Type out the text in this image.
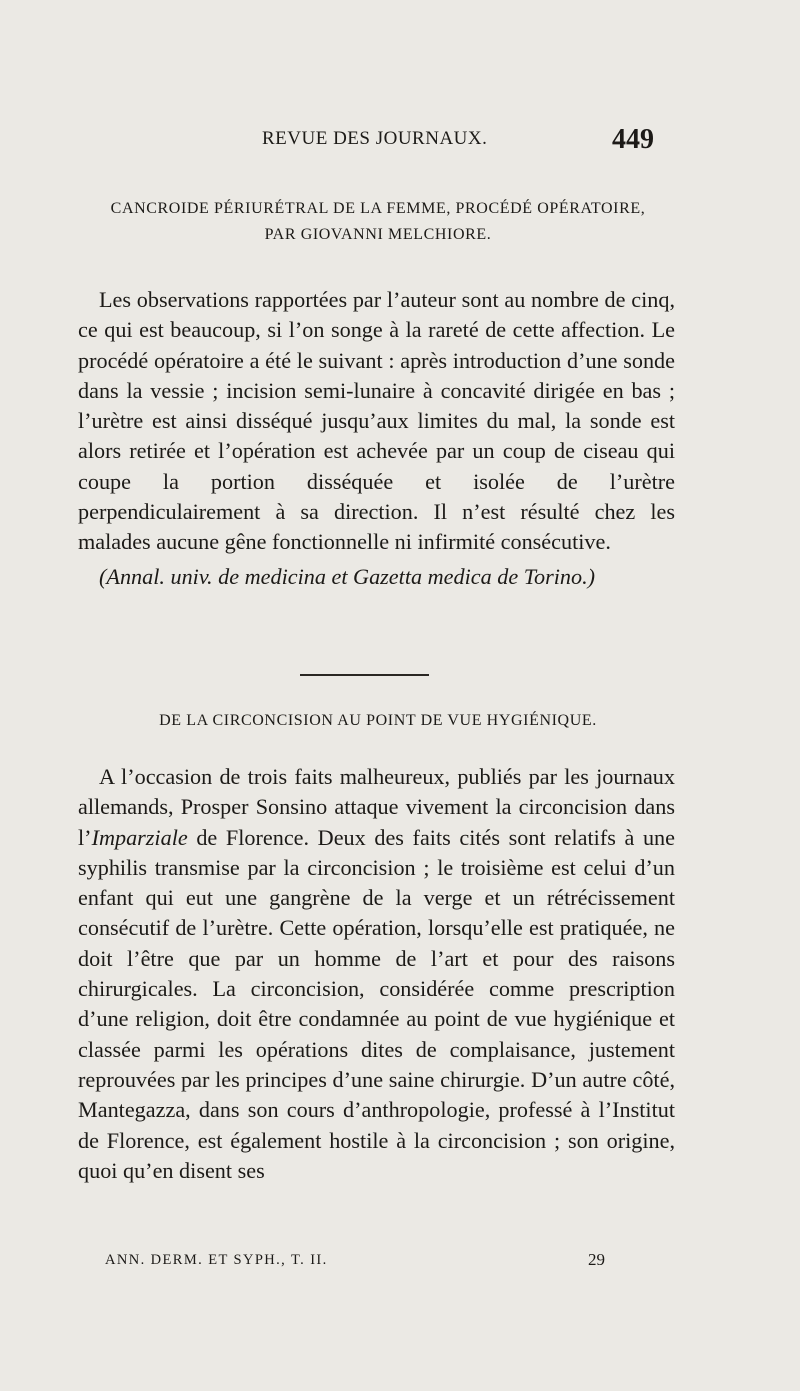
REVUE DES JOURNAUX.	449
CANCROIDE PÉRIURÉTRAL DE LA FEMME, PROCÉDÉ OPÉRATOIRE,
PAR GIOVANNI MELCHIORE.

Les observations rapportées par l’auteur sont au nombre de cinq, ce qui est beaucoup, si l’on songe à la rareté de cette affection. Le procédé opératoire a été le suivant : après introduction d’une sonde dans la vessie ; incision semi-lunaire à concavité dirigée en bas ; l’urètre est ainsi disséqué jusqu’aux limites du mal, la sonde est alors retirée et l’opération est achevée par un coup de ciseau qui coupe la portion disséquée et isolée de l’urètre perpendiculairement à sa direction. Il n’est résulté chez les malades aucune gêne fonctionnelle ni infirmité consécutive.

(Annal. univ. de medicina et Gazetta medica de Torino.)

DE LA CIRCONCISION AU POINT DE VUE HYGIÉNIQUE.

A l’occasion de trois faits malheureux, publiés par les journaux allemands, Prosper Sonsino attaque vivement la circoncision dans l’Imparziale de Florence. Deux des faits cités sont relatifs à une syphilis transmise par la circoncision ; le troisième est celui d’un enfant qui eut une gangrène de la verge et un rétrécissement consécutif de l’urètre. Cette opération, lorsqu’elle est pratiquée, ne doit l’être que par un homme de l’art et pour des raisons chirurgicales. La circoncision, considérée comme prescription d’une religion, doit être condamnée au point de vue hygiénique et classée parmi les opérations dites de complaisance, justement reprouvées par les principes d’une saine chirurgie. D’un autre côté, Mantegazza, dans son cours d’anthropologie, professé à l’Institut de Florence, est également hostile à la circoncision ; son origine, quoi qu’en disent ses

ANN. DERM. ET SYPH., T. II.	29
